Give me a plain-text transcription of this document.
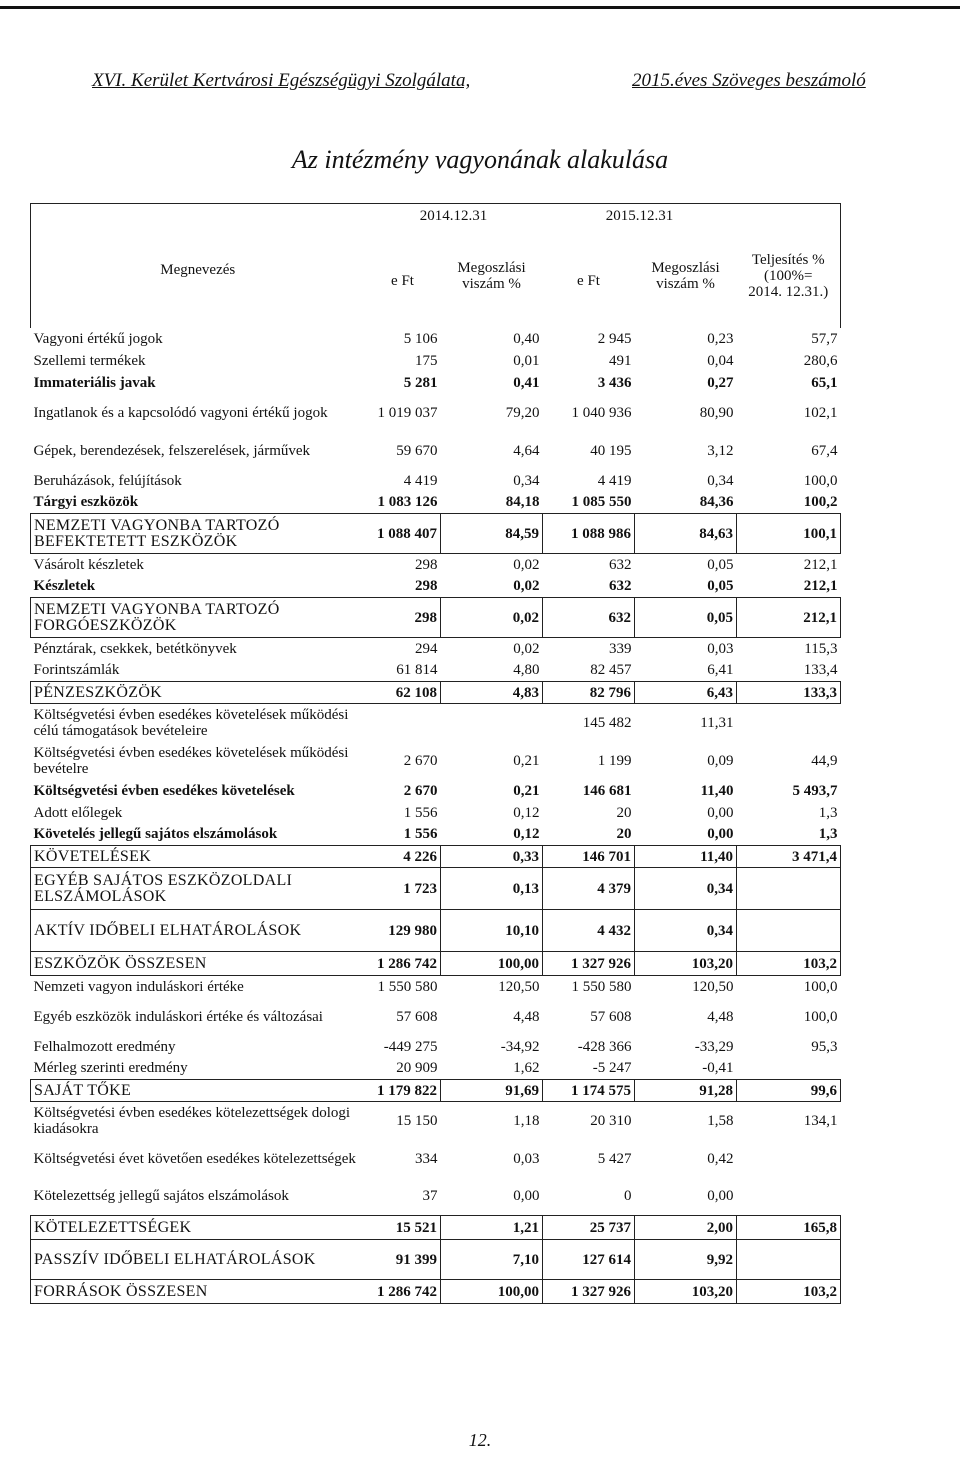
XVI. Kerület Kertvárosi Egészségügyi Szolgálata,	2015.éves Szöveges beszámoló
Az intézmény vagyonának alakulása
Megnevezés	2014.12.31		2015.12.31		Teljesítés %
(100%=
2014. 12.31.)

	e Ft	Megoszlási viszám %	e Ft	Megoszlási viszám %	
Vagyoni értékű jogok	5 106	0,40	2 945	0,23	57,7
Szellemi termékek	175	0,01	491	0,04	280,6
Immateriális javak	5 281	0,41	3 436	0,27	65,1
Ingatlanok és a kapcsolódó vagyoni értékű jogok	1 019 037	79,20	1 040 936	80,90	102,1
Gépek, berendezések, felszerelések, járművek	59 670	4,64	40 195	3,12	67,4
Beruházások, felújítások	4 419	0,34	4 419	0,34	100,0
Tárgyi eszközök	1 083 126	84,18	1 085 550	84,36	100,2
NEMZETI VAGYONBA TARTOZÓ BEFEKTETETT ESZKÖZÖK	1 088 407	84,59	1 088 986	84,63	100,1
Vásárolt készletek	298	0,02	632	0,05	212,1
Készletek	298	0,02	632	0,05	212,1
NEMZETI VAGYONBA TARTOZÓ FORGÓESZKÖZÖK	298	0,02	632	0,05	212,1
Pénztárak, csekkek, betétkönyvek	294	0,02	339	0,03	115,3
Forintszámlák	61 814	4,80	82 457	6,41	133,4
PÉNZESZKÖZÖK	62 108	4,83	82 796	6,43	133,3
Költségvetési évben esedékes követelések működési célú támogatások bevételeire			145 482	11,31	
Költségvetési évben esedékes követelések működési bevételre	2 670	0,21	1 199	0,09	44,9
Költségvetési évben esedékes követelések	2 670	0,21	146 681	11,40	5 493,7
Adott előlegek	1 556	0,12	20	0,00	1,3
Követelés jellegű sajátos elszámolások	1 556	0,12	20	0,00	1,3
KÖVETELÉSEK	4 226	0,33	146 701	11,40	3 471,4
EGYÉB SAJÁTOS ESZKÖZOLDALI ELSZÁMOLÁSOK	1 723	0,13	4 379	0,34	
AKTÍV IDŐBELI ELHATÁROLÁSOK	129 980	10,10	4 432	0,34	
ESZKÖZÖK ÖSSZESEN	1 286 742	100,00	1 327 926	103,20	103,2
Nemzeti vagyon induláskori értéke	1 550 580	120,50	1 550 580	120,50	100,0
Egyéb eszközök induláskori értéke és változásai	57 608	4,48	57 608	4,48	100,0
Felhalmozott eredmény	-449 275	-34,92	-428 366	-33,29	95,3
Mérleg szerinti eredmény	20 909	1,62	-5 247	-0,41	
SAJÁT TŐKE	1 179 822	91,69	1 174 575	91,28	99,6
Költségvetési évben esedékes kötelezettségek dologi kiadásokra	15 150	1,18	20 310	1,58	134,1
Költségvetési évet követően esedékes kötelezettségek	334	0,03	5 427	0,42	
Kötelezettség jellegű sajátos elszámolások	37	0,00	0	0,00	
KÖTELEZETTSÉGEK	15 521	1,21	25 737	2,00	165,8
PASSZÍV IDŐBELI ELHATÁROLÁSOK	91 399	7,10	127 614	9,92	
FORRÁSOK ÖSSZESEN	1 286 742	100,00	1 327 926	103,20	103,2
12.
